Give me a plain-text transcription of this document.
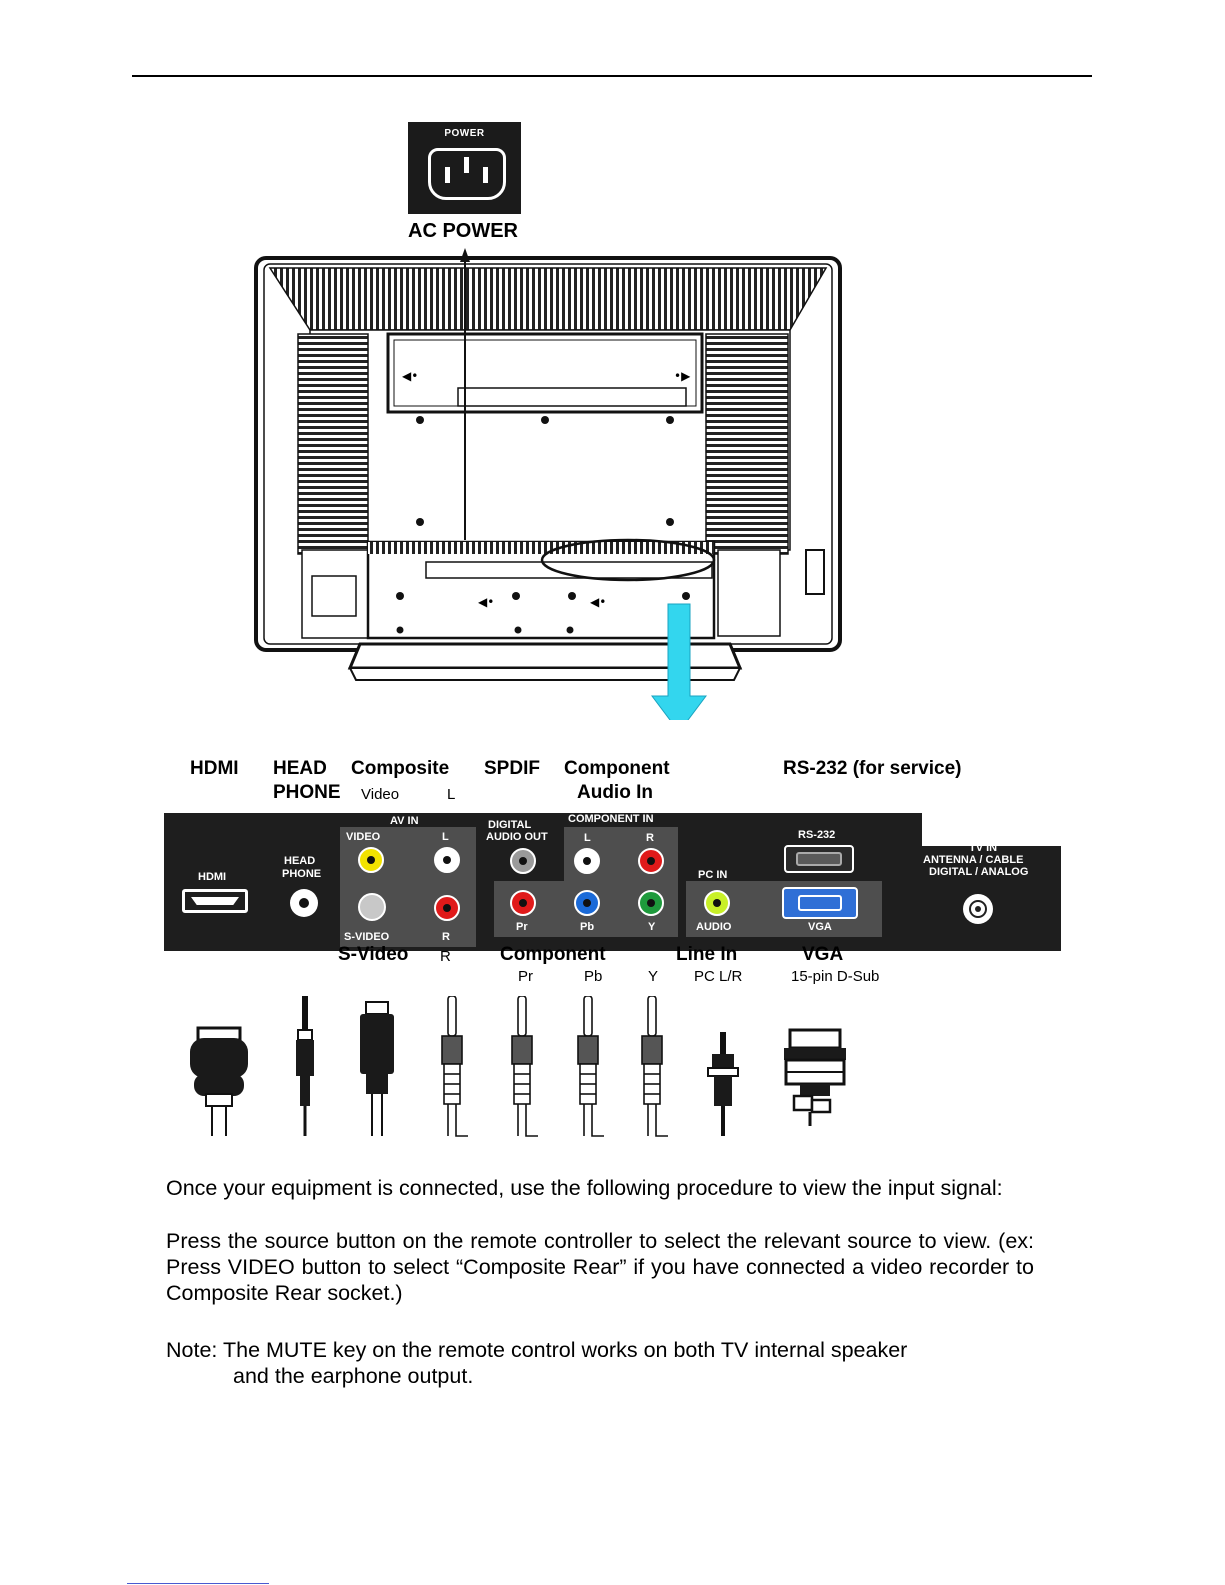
POWER
AC POWER
◀•	•▶
◀•	◀•
HDMI HEAD
PHONE
Composite
Video	L
SPDIF Component
Audio In
RS-232 (for service)
HDMI
HEAD
PHONE
AV IN
VIDEO	L
S-VIDEO	R
DIGITAL
AUDIO OUT
COMPONENT IN
L	R
Pr	Pb	Y
PC IN
RS-232
AUDIO	VGA
TV IN
ANTENNA / CABLE
DIGITAL / ANALOG
S-Video R	Component
Pr	Pb	Y
Line In
PC L/R
VGA
15-pin D-Sub
Once your equipment is connected, use the following procedure to view the input signal:
Press the source button on the remote controller to select the relevant source to view. (ex: Press VIDEO button to select “Composite Rear” if you have connected a video recorder to Composite Rear socket.)
Note: The MUTE key on the remote control works on both TV internal speaker
and the earphone output.
